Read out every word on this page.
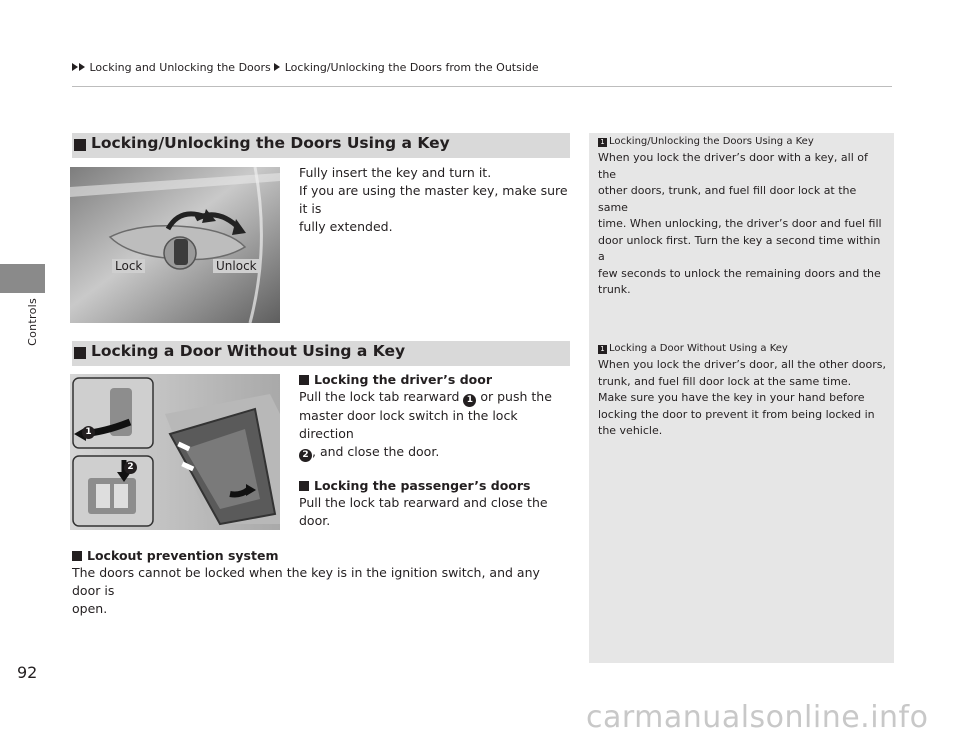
Locking and Unlocking the Doors Locking/Unlocking the Doors from the Outside
Controls
92
Locking/Unlocking the Doors Using a Key
Lock	Unlock
Fully insert the key and turn it.
If you are using the master key, make sure it is
fully extended.
1 Locking/Unlocking the Doors Using a Key
When you lock the driver’s door with a key, all of the
other doors, trunk, and fuel fill door lock at the same
time. When unlocking, the driver’s door and fuel fill
door unlock first. Turn the key a second time within a
few seconds to unlock the remaining doors and the
trunk.
Locking a Door Without Using a Key
1
2
Locking the driver’s door
Pull the lock tab rearward 1 or push the
master door lock switch in the lock direction
2 , and close the door.
Locking the passenger’s doors
Pull the lock tab rearward and close the door.
1 Locking a Door Without Using a Key
When you lock the driver’s door, all the other doors,
trunk, and fuel fill door lock at the same time.
Make sure you have the key in your hand before
locking the door to prevent it from being locked in
the vehicle.
Lockout prevention system
The doors cannot be locked when the key is in the ignition switch, and any door is
open.
carmanualsonline.info
